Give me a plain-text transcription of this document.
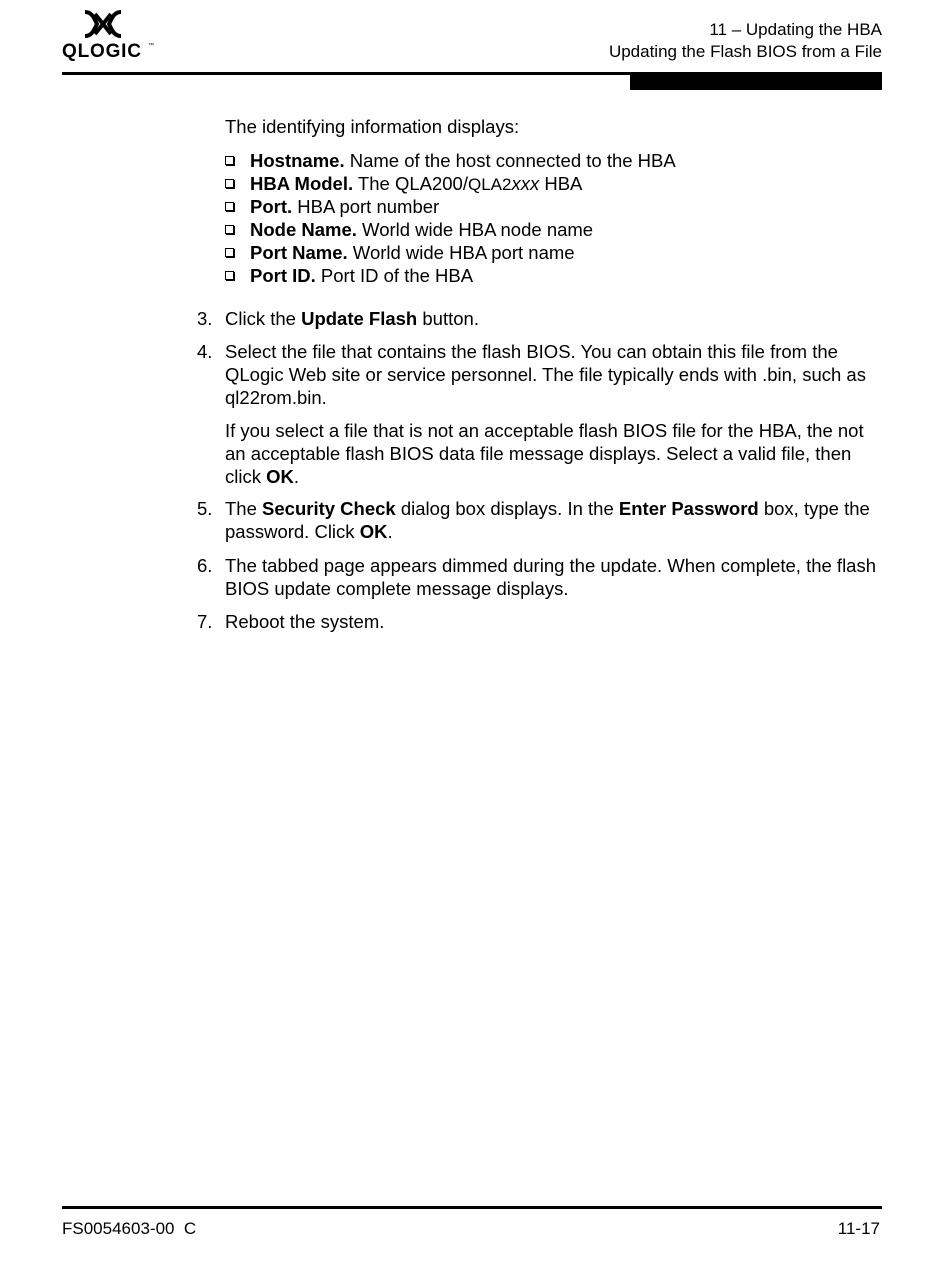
QLOGIC ™
11 – Updating the HBA
Updating the Flash BIOS from a File
The identifying information displays:
Hostname. Name of the host connected to the HBA
HBA Model. The QLA200/QLA2xxx HBA
Port. HBA port number
Node Name. World wide HBA node name
Port Name. World wide HBA port name
Port ID. Port ID of the HBA
3. Click the Update Flash button.
4. Select the file that contains the flash BIOS. You can obtain this file from the QLogic Web site or service personnel. The file typically ends with .bin, such as ql22rom.bin.
If you select a file that is not an acceptable flash BIOS file for the HBA, the not an acceptable flash BIOS data file message displays. Select a valid file, then click OK.
5. The Security Check dialog box displays. In the Enter Password box, type the password. Click OK.
6. The tabbed page appears dimmed during the update. When complete, the flash BIOS update complete message displays.
7. Reboot the system.
FS0054603-00  C	11-17
